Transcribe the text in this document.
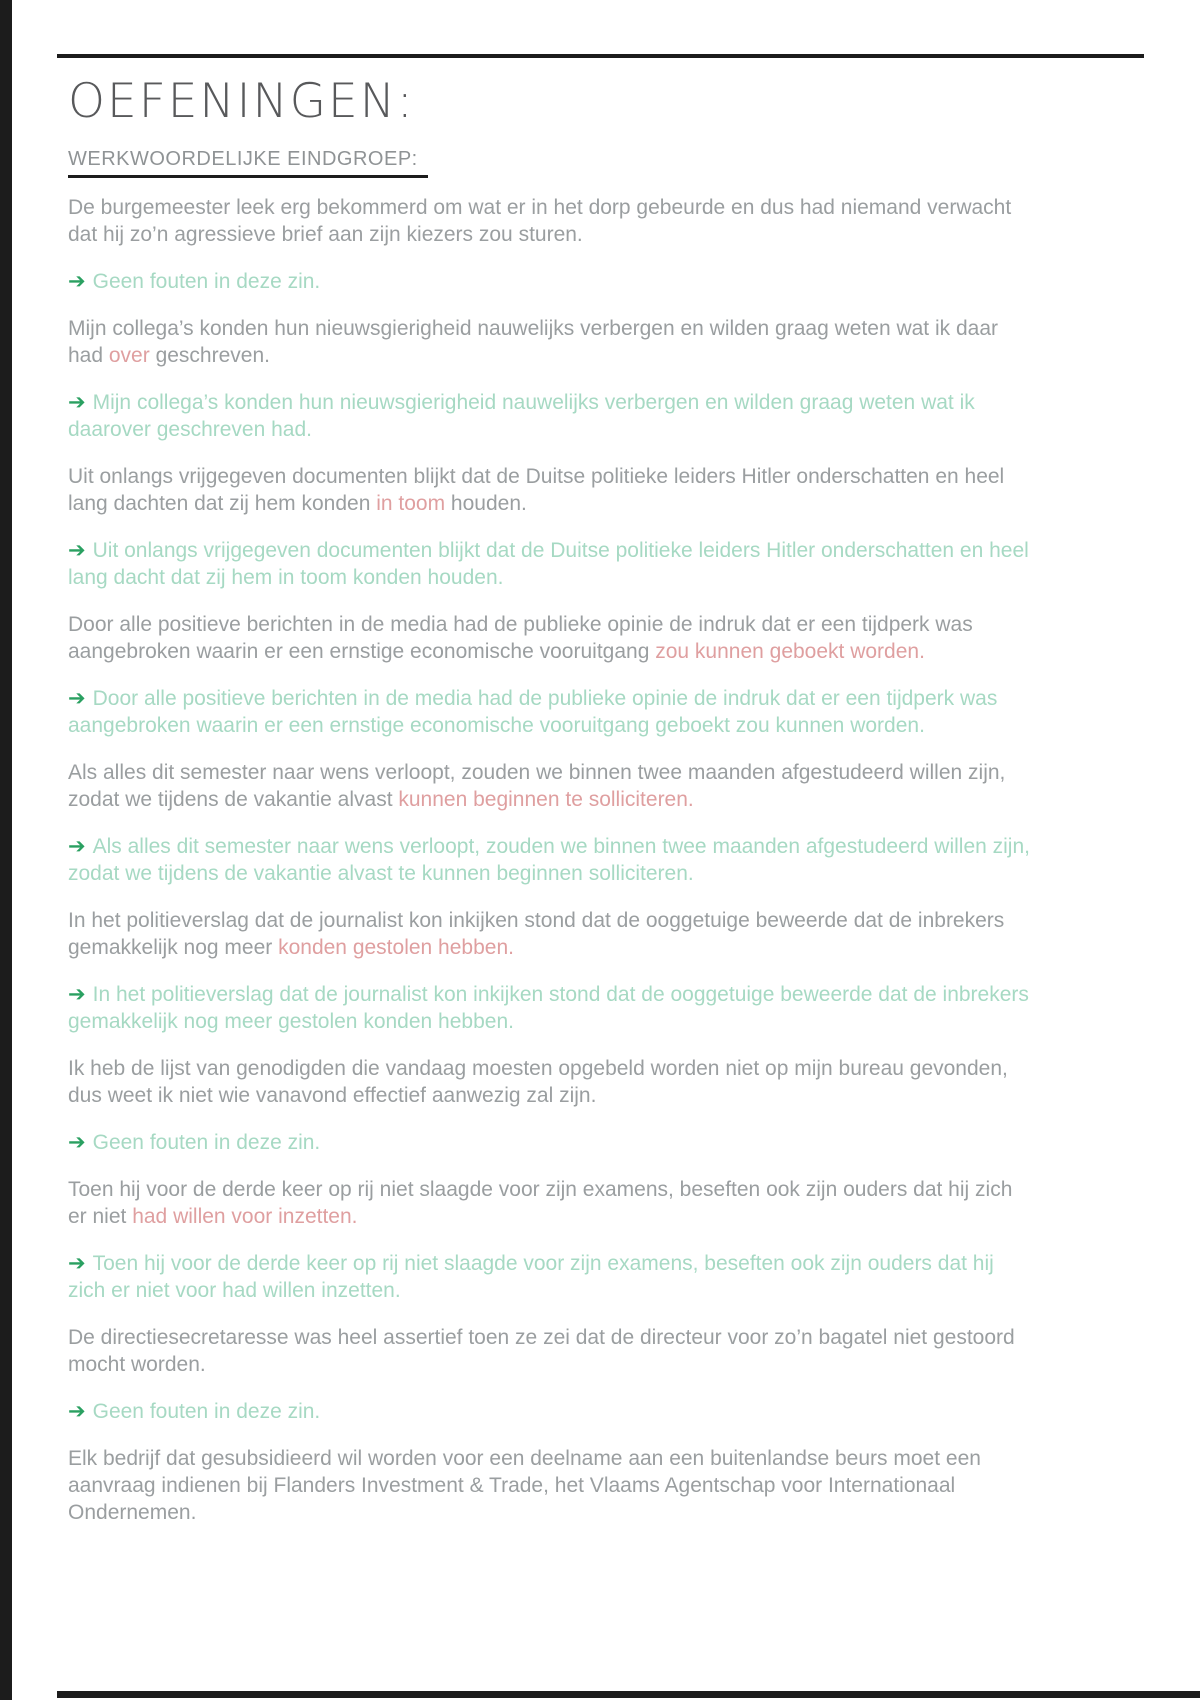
OEFENINGEN:
WERKWOORDELIJKE EINDGROEP:

De burgemeester leek erg bekommerd om wat er in het dorp gebeurde en dus had niemand verwacht dat hij zo’n agressieve brief aan zijn kiezers zou sturen.

➔ Geen fouten in deze zin.

Mijn collega’s konden hun nieuwsgierigheid nauwelijks verbergen en wilden graag weten wat ik daar had over geschreven.

➔ Mijn collega’s konden hun nieuwsgierigheid nauwelijks verbergen en wilden graag weten wat ik daarover geschreven had.

Uit onlangs vrijgegeven documenten blijkt dat de Duitse politieke leiders Hitler onderschatten en heel lang dachten dat zij hem konden in toom houden.

➔ Uit onlangs vrijgegeven documenten blijkt dat de Duitse politieke leiders Hitler onderschatten en heel lang dacht dat zij hem in toom konden houden.

Door alle positieve berichten in de media had de publieke opinie de indruk dat er een tijdperk was aangebroken waarin er een ernstige economische vooruitgang zou kunnen geboekt worden.

➔ Door alle positieve berichten in de media had de publieke opinie de indruk dat er een tijdperk was aangebroken waarin er een ernstige economische vooruitgang geboekt zou kunnen worden.

Als alles dit semester naar wens verloopt, zouden we binnen twee maanden afgestudeerd willen zijn, zodat we tijdens de vakantie alvast kunnen beginnen te solliciteren.

➔ Als alles dit semester naar wens verloopt, zouden we binnen twee maanden afgestudeerd willen zijn, zodat we tijdens de vakantie alvast te kunnen beginnen solliciteren.

In het politieverslag dat de journalist kon inkijken stond dat de ooggetuige beweerde dat de inbrekers gemakkelijk nog meer konden gestolen hebben.

➔ In het politieverslag dat de journalist kon inkijken stond dat de ooggetuige beweerde dat de inbrekers gemakkelijk nog meer gestolen konden hebben.

Ik heb de lijst van genodigden die vandaag moesten opgebeld worden niet op mijn bureau gevonden, dus weet ik niet wie vanavond effectief aanwezig zal zijn.

➔ Geen fouten in deze zin.

Toen hij voor de derde keer op rij niet slaagde voor zijn examens, beseften ook zijn ouders dat hij zich er niet had willen voor inzetten.

➔ Toen hij voor de derde keer op rij niet slaagde voor zijn examens, beseften ook zijn ouders dat hij zich er niet voor had willen inzetten.

De directiesecretaresse was heel assertief toen ze zei dat de directeur voor zo’n bagatel niet gestoord mocht worden.

➔ Geen fouten in deze zin.

Elk bedrijf dat gesubsidieerd wil worden voor een deelname aan een buitenlandse beurs moet een aanvraag indienen bij Flanders Investment & Trade, het Vlaams Agentschap voor Internationaal Ondernemen.
